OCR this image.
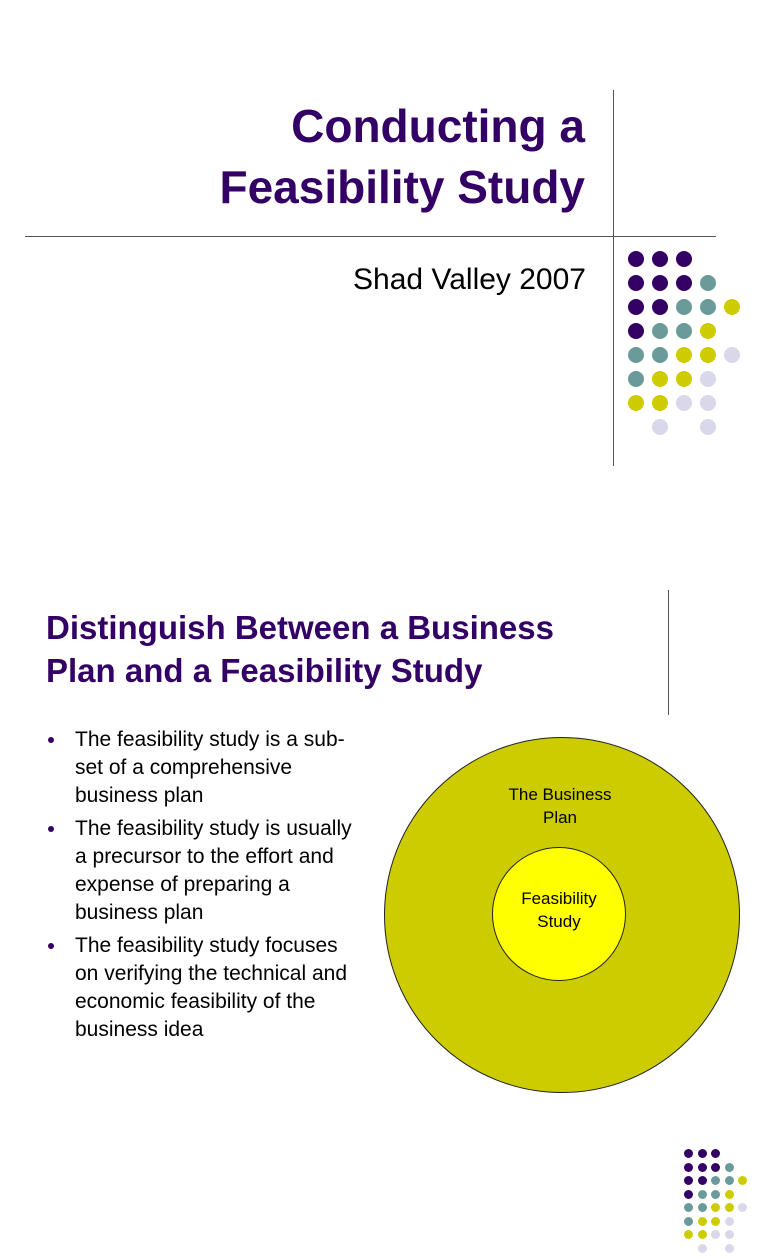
Conducting a
Feasibility Study

Shad Valley 2007

Distinguish Between a Business
Plan and a Feasibility Study
The feasibility study is a sub-set of a comprehensive business plan
The feasibility study is usually a precursor to the effort and expense of preparing a business plan
The feasibility study focuses on verifying the technical and economic feasibility of the business idea
The Business
Plan
Feasibility
Study
